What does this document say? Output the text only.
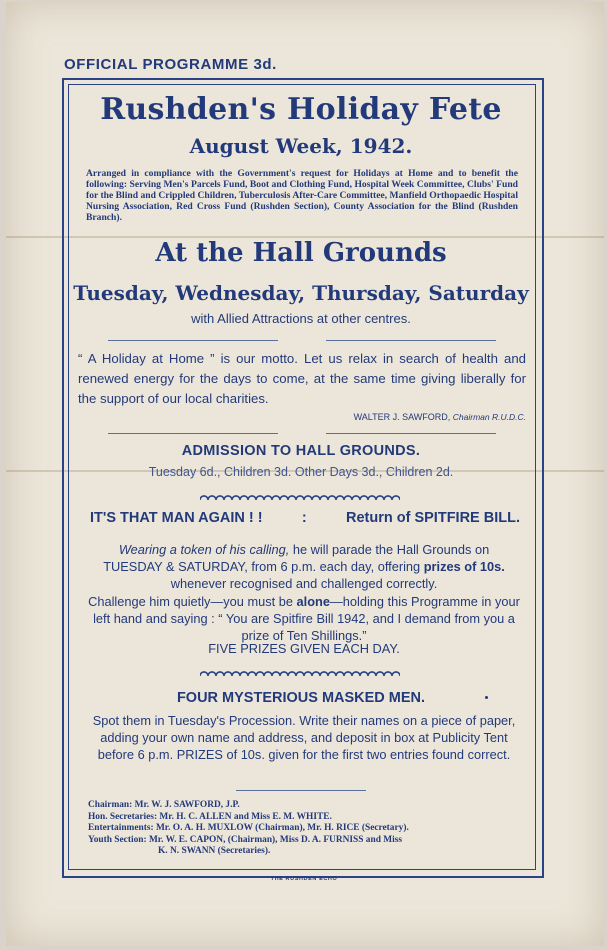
OFFICIAL PROGRAMME 3d.
Rushden's Holiday Fete
August Week, 1942.
Arranged in compliance with the Government's request for Holidays at Home and to benefit the following: Serving Men's Parcels Fund, Boot and Clothing Fund, Hospital Week Committee, Clubs' Fund for the Blind and Crippled Children, Tuberculosis After-Care Committee, Manfield Orthopaedic Hospital Nursing Association, Red Cross Fund (Rushden Section), County Association for the Blind (Rushden Branch).
At the Hall Grounds
Tuesday, Wednesday, Thursday, Saturday
with Allied Attractions at other centres.
“ A Holiday at Home ” is our motto. Let us relax in search of health and renewed energy for the days to come, at the same time giving liberally for the support of our local charities.
WALTER J. SAWFORD, Chairman R.U.D.C.
ADMISSION TO HALL GROUNDS.
Tuesday 6d., Children 3d. Other Days 3d., Children 2d.
IT'S THAT MAN AGAIN ! !	:	Return of SPITFIRE BILL.
Wearing a token of his calling, he will parade the Hall Grounds on TUESDAY & SATURDAY, from 6 p.m. each day, offering prizes of 10s. whenever recognised and challenged correctly.
Challenge him quietly—you must be alone—holding this Programme in your left hand and saying : “ You are Spitfire Bill 1942, and I demand from you a prize of Ten Shillings.”
FIVE PRIZES GIVEN EACH DAY.
FOUR MYSTERIOUS MASKED MEN.
Spot them in Tuesday's Procession. Write their names on a piece of paper, adding your own name and address, and deposit in box at Publicity Tent before 6 p.m. PRIZES of 10s. given for the first two entries found correct.
Chairman: Mr. W. J. SAWFORD, J.P.
Hon. Secretaries: Mr. H. C. ALLEN and Miss E. M. WHITE.
Entertainments: Mr. O. A. H. MUXLOW (Chairman), Mr. H. RICE (Secretary).
Youth Section: Mr. W. E. CAPON, (Chairman), Miss D. A. FURNISS and Miss
K. N. SWANN (Secretaries).
THE RUSHDEN ECHO
